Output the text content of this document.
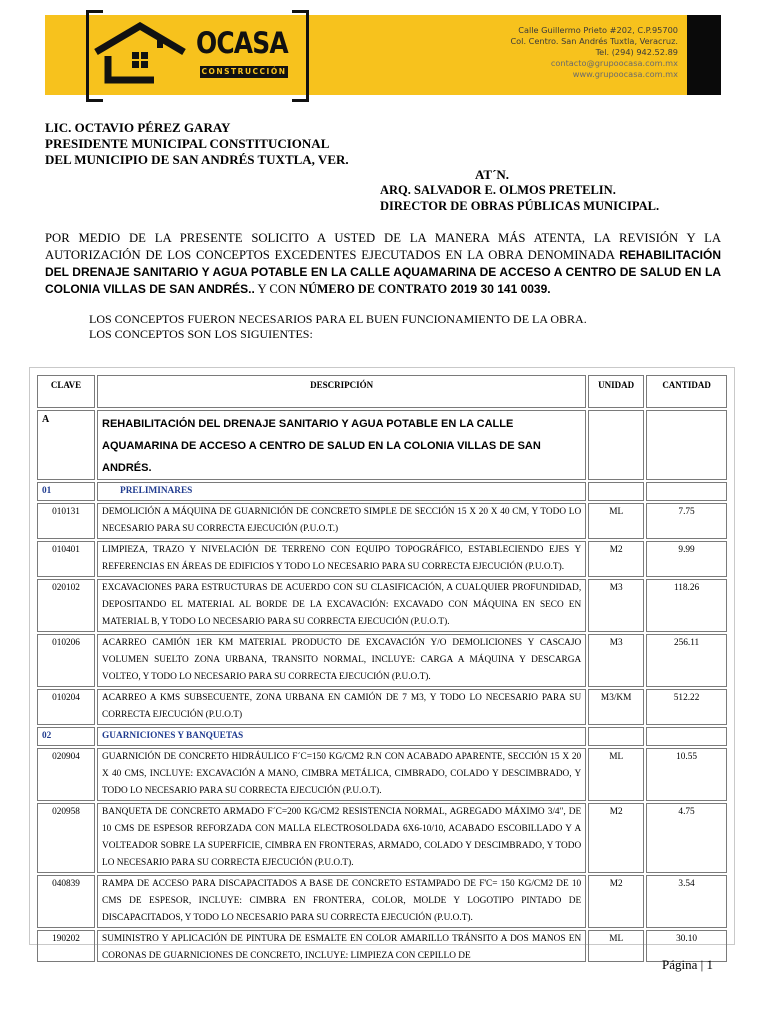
OCASA
CONSTRUCCIÓN
Calle Guillermo Prieto #202, C.P.95700
Col. Centro. San Andrés Tuxtla, Veracruz.
Tel. (294) 942.52.89
contacto@grupoocasa.com.mx
www.grupoocasa.com.mx
LIC. OCTAVIO PÉREZ GARAY
PRESIDENTE MUNICIPAL CONSTITUCIONAL
DEL MUNICIPIO DE SAN ANDRÉS TUXTLA, VER.
AT´N.
ARQ. SALVADOR E. OLMOS PRETELIN.
DIRECTOR DE OBRAS PÚBLICAS MUNICIPAL.
POR MEDIO DE LA PRESENTE SOLICITO A USTED DE LA MANERA MÁS ATENTA, LA REVISIÓN Y LA AUTORIZACIÓN DE LOS CONCEPTOS EXCEDENTES EJECUTADOS EN LA OBRA DENOMINADA REHABILITACIÓN DEL DRENAJE SANITARIO Y AGUA POTABLE EN LA CALLE AQUAMARINA DE ACCESO A CENTRO DE SALUD EN LA COLONIA VILLAS DE SAN ANDRÉS.. Y CON NÚMERO DE CONTRATO 2019 30 141 0039.
LOS CONCEPTOS FUERON NECESARIOS PARA EL BUEN FUNCIONAMIENTO DE LA OBRA.
LOS CONCEPTOS SON LOS SIGUIENTES:
CLAVE	DESCRIPCIÓN	UNIDAD	CANTIDAD
A	REHABILITACIÓN DEL DRENAJE SANITARIO Y AGUA POTABLE EN LA CALLE AQUAMARINA DE ACCESO A CENTRO DE SALUD EN LA COLONIA VILLAS DE SAN ANDRÉS.		
01	PRELIMINARES		
010131	DEMOLICIÓN A MÁQUINA DE GUARNICIÓN DE CONCRETO SIMPLE DE SECCIÓN 15 X 20 X 40 CM, Y TODO LO NECESARIO PARA SU CORRECTA EJECUCIÓN (P.U.O.T.)	ML	7.75
010401	LIMPIEZA, TRAZO Y NIVELACIÓN DE TERRENO CON EQUIPO TOPOGRÁFICO, ESTABLECIENDO EJES Y REFERENCIAS EN ÁREAS DE EDIFICIOS Y TODO LO NECESARIO PARA SU CORRECTA EJECUCIÓN (P.U.O.T).	M2	9.99
020102	EXCAVACIONES PARA ESTRUCTURAS DE ACUERDO CON SU CLASIFICACIÓN, A CUALQUIER PROFUNDIDAD, DEPOSITANDO EL MATERIAL AL BORDE DE LA EXCAVACIÓN: EXCAVADO CON MÁQUINA EN SECO EN MATERIAL B, Y TODO LO NECESARIO PARA SU CORRECTA EJECUCIÓN (P.U.O.T).	M3	118.26
010206	ACARREO CAMIÓN 1ER KM MATERIAL PRODUCTO DE EXCAVACIÓN Y/O DEMOLICIONES Y CASCAJO VOLUMEN SUELTO ZONA URBANA, TRANSITO NORMAL, INCLUYE: CARGA A MÁQUINA Y DESCARGA VOLTEO, Y TODO LO NECESARIO PARA SU CORRECTA EJECUCIÓN (P.U.O.T).	M3	256.11
010204	ACARREO A KMS SUBSECUENTE, ZONA URBANA EN CAMIÓN DE 7 M3, Y TODO LO NECESARIO PARA SU CORRECTA EJECUCIÓN (P.U.O.T)	M3/KM	512.22
02	GUARNICIONES Y BANQUETAS		
020904	GUARNICIÓN DE CONCRETO HIDRÁULICO F´C=150 KG/CM2 R.N CON ACABADO APARENTE, SECCIÓN 15 X 20 X 40 CMS, INCLUYE: EXCAVACIÓN A MANO, CIMBRA METÁLICA, CIMBRADO, COLADO Y DESCIMBRADO, Y TODO LO NECESARIO PARA SU CORRECTA EJECUCIÓN (P.U.O.T).	ML	10.55
020958	BANQUETA DE CONCRETO ARMADO F´C=200 KG/CM2 RESISTENCIA NORMAL, AGREGADO MÁXIMO 3/4", DE 10 CMS DE ESPESOR REFORZADA CON MALLA ELECTROSOLDADA 6X6-10/10, ACABADO ESCOBILLADO Y A VOLTEADOR SOBRE LA SUPERFICIE, CIMBRA EN FRONTERAS, ARMADO, COLADO Y DESCIMBRADO, Y TODO LO NECESARIO PARA SU CORRECTA EJECUCIÓN (P.U.O.T).	M2	4.75
040839	RAMPA DE ACCESO PARA DISCAPACITADOS A BASE DE CONCRETO ESTAMPADO DE F'C= 150 KG/CM2 DE 10 CMS DE ESPESOR, INCLUYE: CIMBRA EN FRONTERA, COLOR, MOLDE Y LOGOTIPO PINTADO DE DISCAPACITADOS, Y TODO LO NECESARIO PARA SU CORRECTA EJECUCIÓN (P.U.O.T).	M2	3.54
190202	SUMINISTRO Y APLICACIÓN DE PINTURA DE ESMALTE EN COLOR AMARILLO TRÁNSITO A DOS MANOS EN CORONAS DE GUARNICIONES DE CONCRETO, INCLUYE: LIMPIEZA CON CEPILLO DE	ML	30.10
Página | 1
